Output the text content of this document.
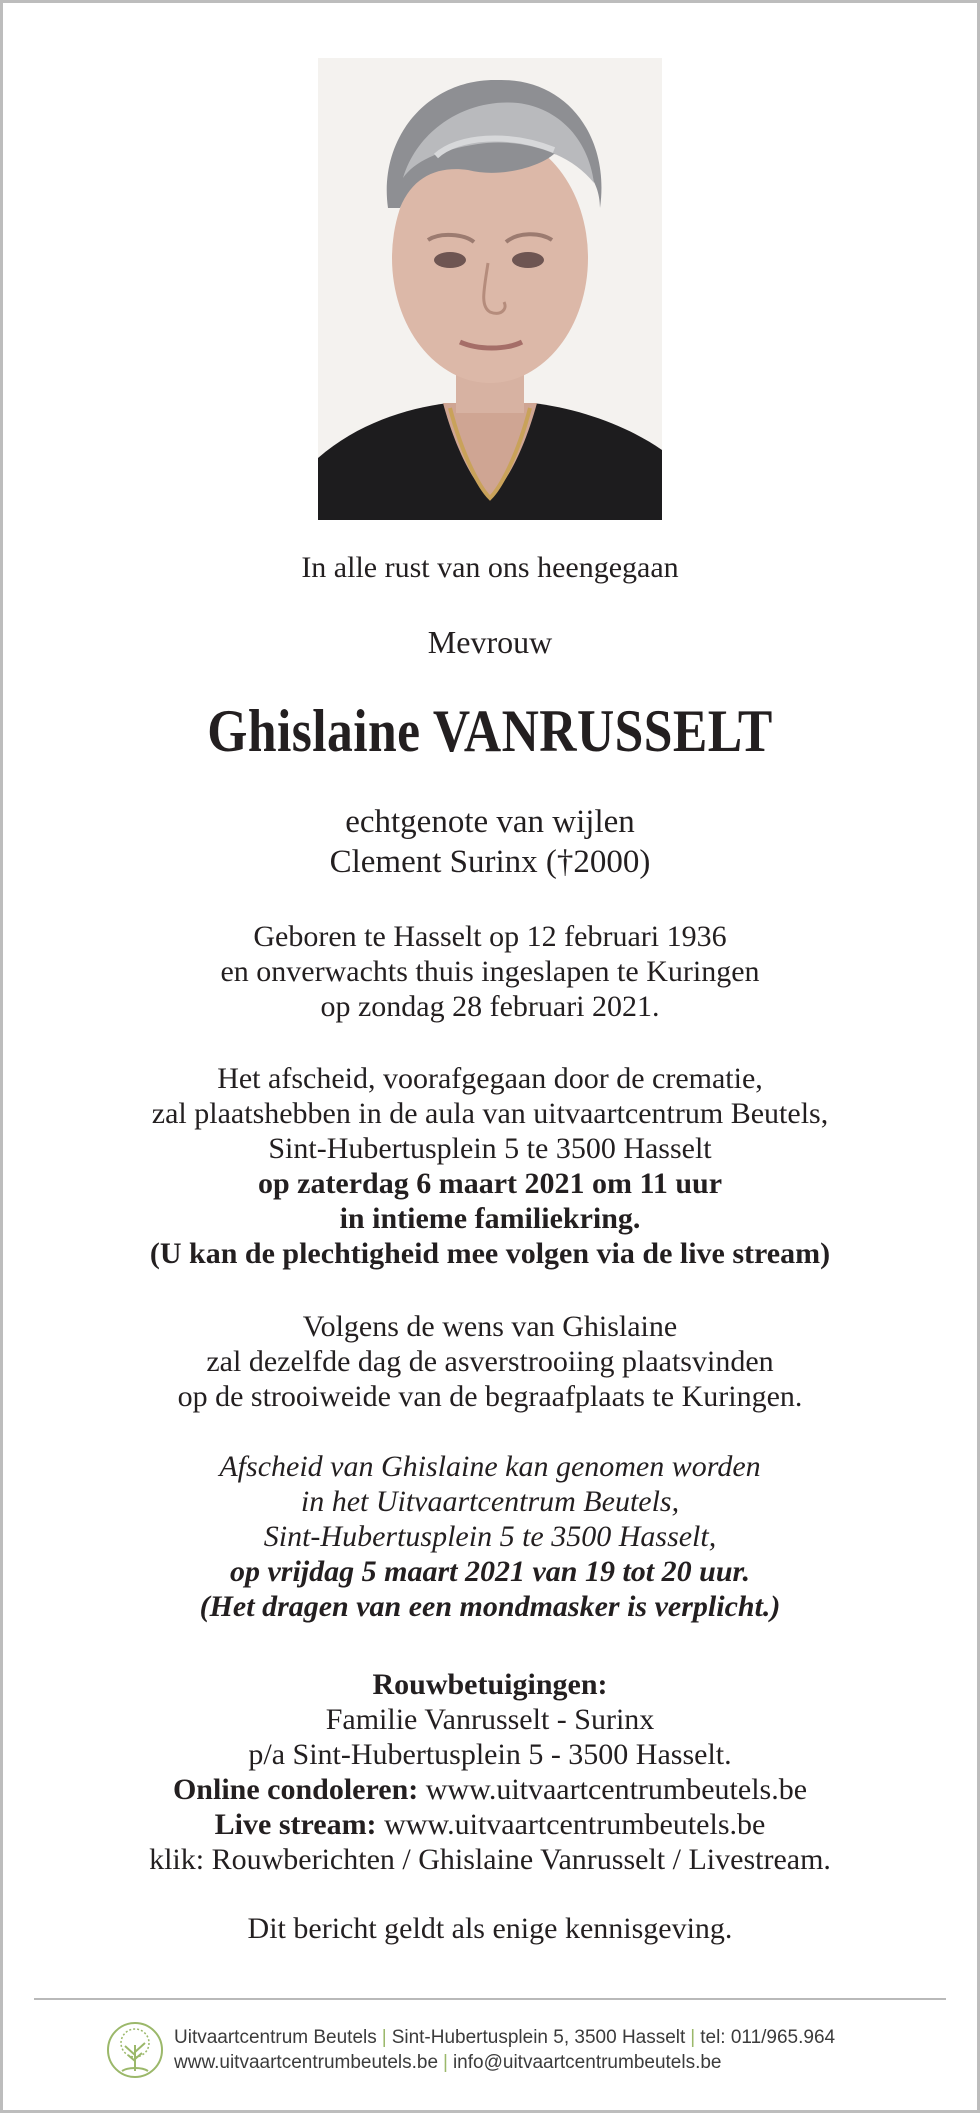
In alle rust van ons heengegaan
Mevrouw
Ghislaine VANRUSSELT
echtgenote van wijlen
Clement Surinx (†2000)
Geboren te Hasselt op 12 februari 1936
en onverwachts thuis ingeslapen te Kuringen
op zondag 28 februari 2021.
Het afscheid, voorafgegaan door de crematie,
zal plaatshebben in de aula van uitvaartcentrum Beutels,
Sint-Hubertusplein 5 te 3500 Hasselt
op zaterdag 6 maart 2021 om 11 uur
in intieme familiekring.
(U kan de plechtigheid mee volgen via de live stream)
Volgens de wens van Ghislaine
zal dezelfde dag de asverstrooiing plaatsvinden
op de strooiweide van de begraafplaats te Kuringen.
Afscheid van Ghislaine kan genomen worden
in het Uitvaartcentrum Beutels,
Sint-Hubertusplein 5 te 3500 Hasselt,
op vrijdag 5 maart 2021 van 19 tot 20 uur.
(Het dragen van een mondmasker is verplicht.)
Rouwbetuigingen:
Familie Vanrusselt - Surinx
p/a Sint-Hubertusplein 5 - 3500 Hasselt.
Online condoleren: www.uitvaartcentrumbeutels.be
Live stream: www.uitvaartcentrumbeutels.be
klik: Rouwberichten / Ghislaine Vanrusselt / Livestream.
Dit bericht geldt als enige kennisgeving.
Uitvaartcentrum Beutels | Sint-Hubertusplein 5, 3500 Hasselt | tel: 011/965.964
www.uitvaartcentrumbeutels.be | info@uitvaartcentrumbeutels.be
